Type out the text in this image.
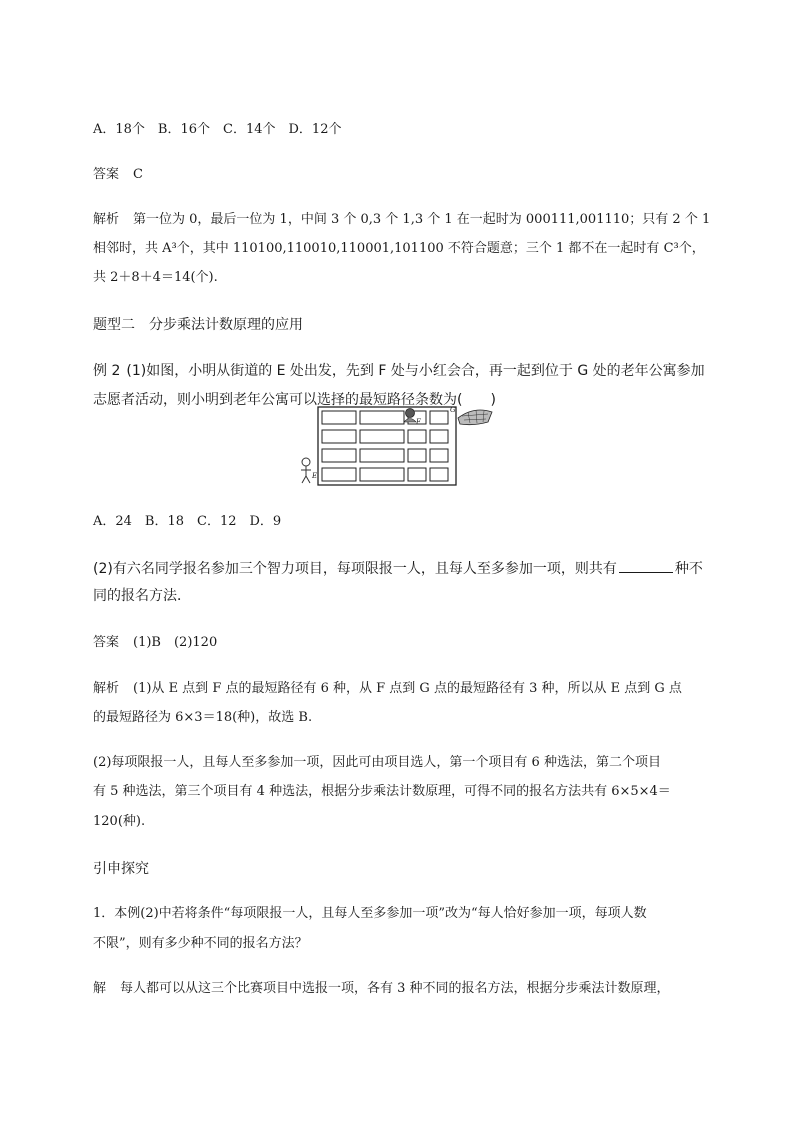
A．18个　B．16个　C．14个　D．12个
答案 C
解析 第一位为 0，最后一位为 1，中间 3 个 0,3 个 1,3 个 1 在一起时为 000111,001110；只有 2 个 1
相邻时，共 A³个，其中 110100,110010,110001,101100 不符合题意；三个 1 都不在一起时有 C³个，
共 2＋8＋4＝14(个).
题型二　分步乘法计数原理的应用
例 2 (1)如图，小明从街道的 E 处出发，先到 F 处与小红会合，再一起到位于 G 处的老年公寓参加
志愿者活动，则小明到老年公寓可以选择的最短路径条数为( )
E
F
G
A．24　B．18　C．12　D．9
(2)有六名同学报名参加三个智力项目，每项限报一人，且每人至多参加一项，则共有	种不
同的报名方法．
答案 (1)B　(2)120
解析 (1)从 E 点到 F 点的最短路径有 6 种，从 F 点到 G 点的最短路径有 3 种，所以从 E 点到 G 点
的最短路径为 6×3＝18(种)，故选 B.
(2)每项限报一人，且每人至多参加一项，因此可由项目选人，第一个项目有 6 种选法，第二个项目
有 5 种选法，第三个项目有 4 种选法，根据分步乘法计数原理，可得不同的报名方法共有 6×5×4＝
120(种).
引申探究
1．本例(2)中若将条件“每项限报一人，且每人至多参加一项”改为“每人恰好参加一项，每项人数
不限”，则有多少种不同的报名方法？
解 每人都可以从这三个比赛项目中选报一项，各有 3 种不同的报名方法，根据分步乘法计数原理，
